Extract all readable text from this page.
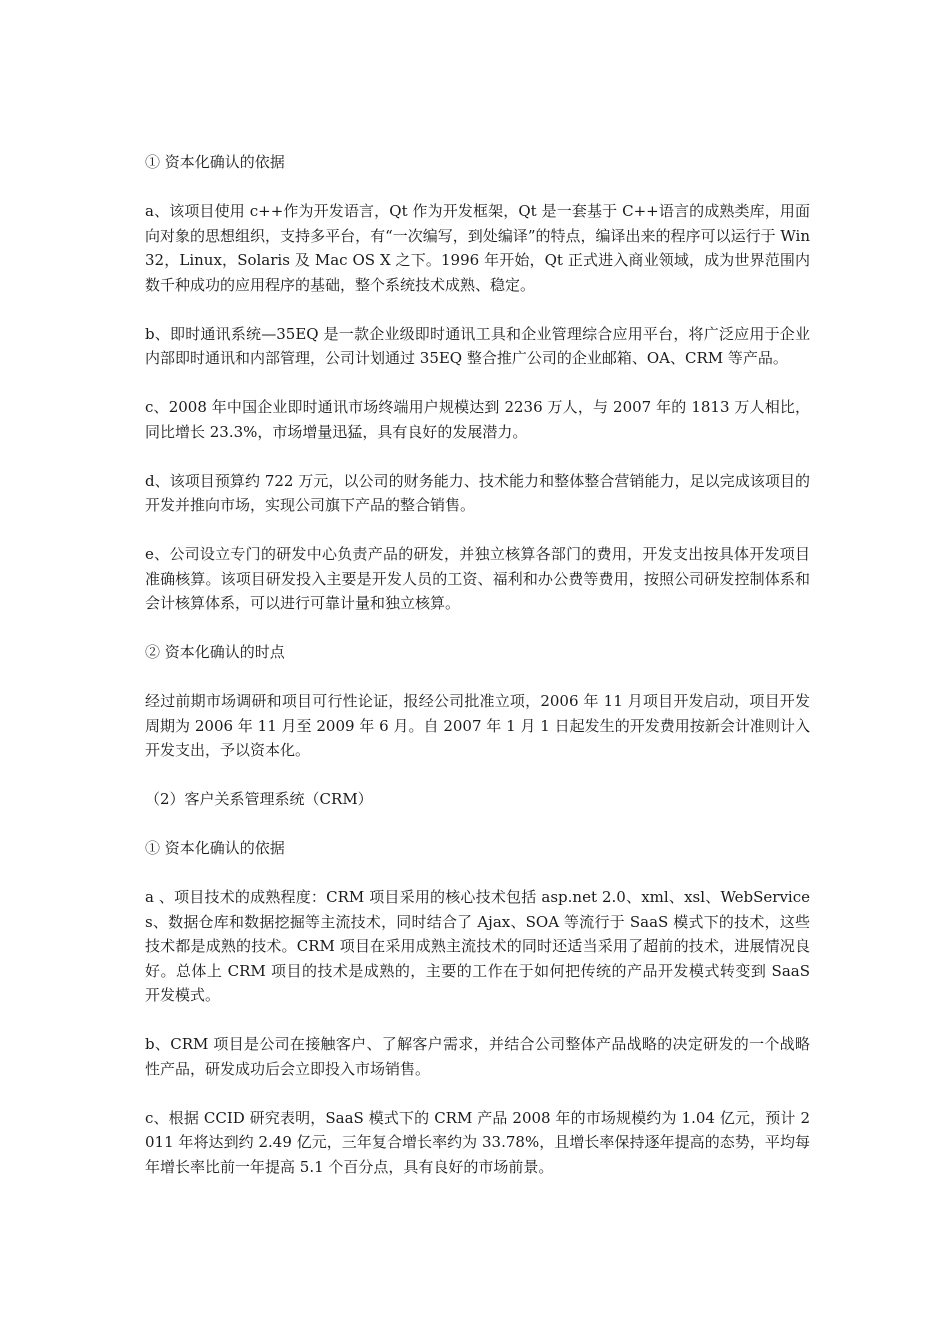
① 资本化确认的依据

a、该项目使用 c++作为开发语言，Qt 作为开发框架，Qt 是一套基于 C++语言的成熟类库，用面向对象的思想组织，支持多平台，有“一次编写，到处编译”的特点，编译出来的程序可以运行于 Win32，Linux，Solaris 及 Mac OS X 之下。1996 年开始，Qt 正式进入商业领域，成为世界范围内数千种成功的应用程序的基础，整个系统技术成熟、稳定。

b、即时通讯系统—35EQ 是一款企业级即时通讯工具和企业管理综合应用平台，将广泛应用于企业内部即时通讯和内部管理，公司计划通过 35EQ 整合推广公司的企业邮箱、OA、CRM 等产品。

c、2008 年中国企业即时通讯市场终端用户规模达到 2236 万人，与 2007 年的 1813 万人相比，同比增长 23.3%，市场增量迅猛，具有良好的发展潜力。

d、该项目预算约 722 万元，以公司的财务能力、技术能力和整体整合营销能力，足以完成该项目的开发并推向市场，实现公司旗下产品的整合销售。

e、公司设立专门的研发中心负责产品的研发，并独立核算各部门的费用，开发支出按具体开发项目准确核算。该项目研发投入主要是开发人员的工资、福利和办公费等费用，按照公司研发控制体系和会计核算体系，可以进行可靠计量和独立核算。

② 资本化确认的时点

经过前期市场调研和项目可行性论证，报经公司批准立项，2006 年 11 月项目开发启动，项目开发周期为 2006 年 11 月至 2009 年 6 月。自 2007 年 1 月 1 日起发生的开发费用按新会计准则计入开发支出，予以资本化。

（2）客户关系管理系统（CRM）

① 资本化确认的依据

a 、项目技术的成熟程度：CRM 项目采用的核心技术包括 asp.net 2.0、xml、xsl、WebServices、数据仓库和数据挖掘等主流技术，同时结合了 Ajax、SOA 等流行于 SaaS 模式下的技术，这些技术都是成熟的技术。CRM 项目在采用成熟主流技术的同时还适当采用了超前的技术，进展情况良好。总体上 CRM 项目的技术是成熟的，主要的工作在于如何把传统的产品开发模式转变到 SaaS 开发模式。

b、CRM 项目是公司在接触客户、了解客户需求，并结合公司整体产品战略的决定研发的一个战略性产品，研发成功后会立即投入市场销售。

c、根据 CCID 研究表明，SaaS 模式下的 CRM 产品 2008 年的市场规模约为 1.04 亿元，预计 2011 年将达到约 2.49 亿元，三年复合增长率约为 33.78%，且增长率保持逐年提高的态势，平均每年增长率比前一年提高 5.1 个百分点，具有良好的市场前景。
